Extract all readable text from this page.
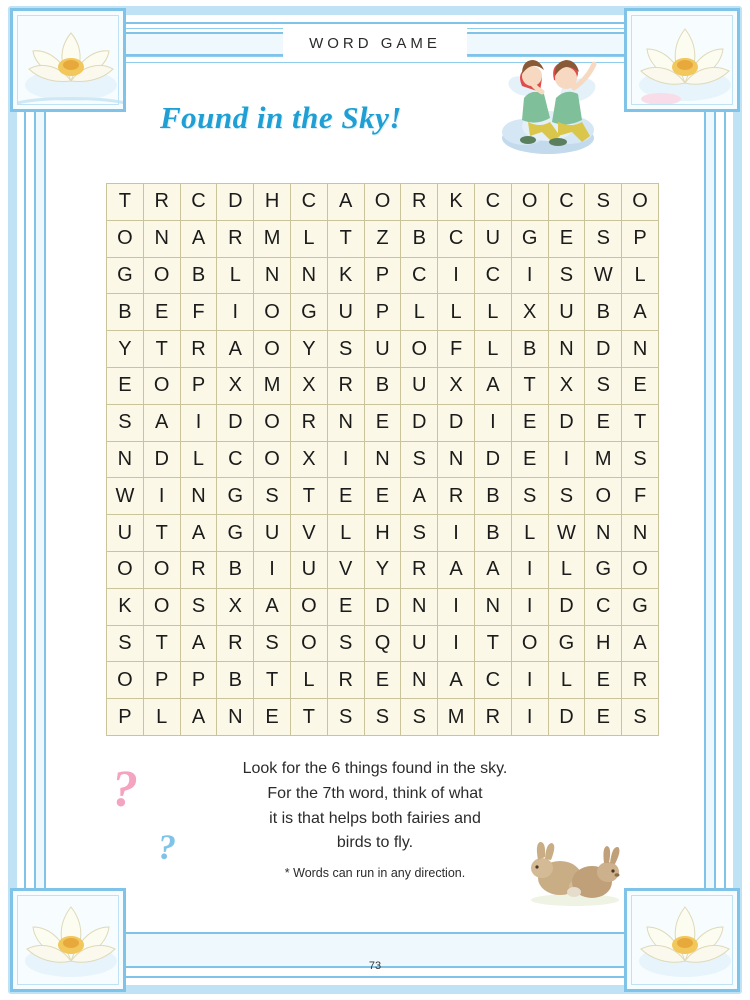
WORD GAME
T	R	C	D	H	C	A	O	R	K	C	O	C	S	O
O	N	A	R	M	L	T	Z	B	C	U	G	E	S	P
G	O	B	L	N	N	K	P	C	I	C	I	S	W	L
B	E	F	I	O	G	U	P	L	L	L	X	U	B	A
Y	T	R	A	O	Y	S	U	O	F	L	B	N	D	N
E	O	P	X	M	X	R	B	U	X	A	T	X	S	E
S	A	I	D	O	R	N	E	D	D	I	E	D	E	T
N	D	L	C	O	X	I	N	S	N	D	E	I	M	S
W	I	N	G	S	T	E	E	A	R	B	S	S	O	F
U	T	A	G	U	V	L	H	S	I	B	L	W	N	N
O	O	R	B	I	U	V	Y	R	A	A	I	L	G	O
K	O	S	X	A	O	E	D	N	I	N	I	D	C	G
S	T	A	R	S	O	S	Q	U	I	T	O	G	H	A
O	P	P	B	T	L	R	E	N	A	C	I	L	E	R
P	L	A	N	E	T	S	S	S	M	R	I	D	E	S
Found in the Sky!
?
?
Look for the 6 things found in the sky.
For the 7th word, think of what
it is that helps both fairies and
birds to fly.
* Words can run in any direction.
73
